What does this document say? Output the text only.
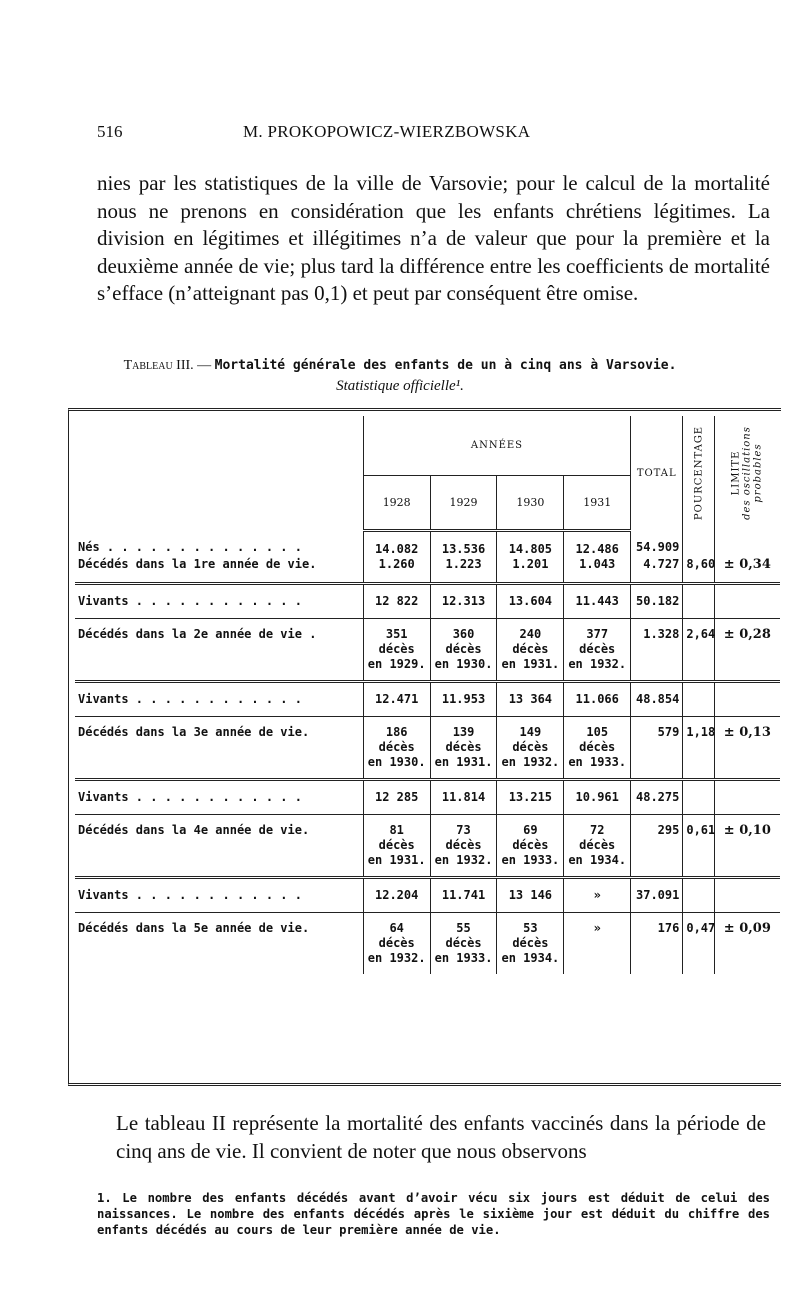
516	M. PROKOPOWICZ-WIERZBOWSKA

nies par les statistiques de la ville de Varsovie; pour le calcul de la mortalité nous ne prenons en considération que les enfants chrétiens légitimes. La division en légitimes et illégitimes n’a de valeur que pour la première et la deuxième année de vie; plus tard la différence entre les coefficients de mortalité s’efface (n’atteignant pas 0,1) et peut par conséquent être omise.

Tableau III. — Mortalité générale des enfants de un à cinq ans à Varsovie.
Statistique officielle¹.
	ANNÉES				TOTAL	POURCENTAGE	LIMITE des oscillations probables

	1928	1929	1930	1931			
Nés . . . . . . . . . . . . . .	14.082	13.536	14.805	12.486	54.909		
Décédés dans la 1re année de vie.	1.260	1.223	1.201	1.043	4.727	8,60	± 0,34
Vivants . . . . . . . . . . . .	12 822	12.313	13.604	11.443	50.182		
Décédés dans la 2e année de vie .	351
décès
en 1929.	360
décès
en 1930.	240
décès
en 1931.	377
décès
en 1932.	1.328	2,64	± 0,28
Vivants . . . . . . . . . . . .	12.471	11.953	13 364	11.066	48.854		
Décédés dans la 3e année de vie.	186
décès
en 1930.	139
décès
en 1931.	149
décès
en 1932.	105
décès
en 1933.	579	1,18	± 0,13
Vivants . . . . . . . . . . . .	12 285	11.814	13.215	10.961	48.275		
Décédés dans la 4e année de vie.	81
décès
en 1931.	73
décès
en 1932.	69
décès
en 1933.	72
décès
en 1934.	295	0,61	± 0,10
Vivants . . . . . . . . . . . .	12.204	11.741	13 146	»	37.091		
Décédés dans la 5e année de vie.	64
décès
en 1932.	55
décès
en 1933.	53
décès
en 1934.	»	176	0,47	± 0,09

Le tableau II représente la mortalité des enfants vaccinés dans la période de cinq ans de vie. Il convient de noter que nous observons

1. Le nombre des enfants décédés avant d’avoir vécu six jours est déduit de celui des naissances. Le nombre des enfants décédés après le sixième jour est déduit du chiffre des enfants décédés au cours de leur première année de vie.
